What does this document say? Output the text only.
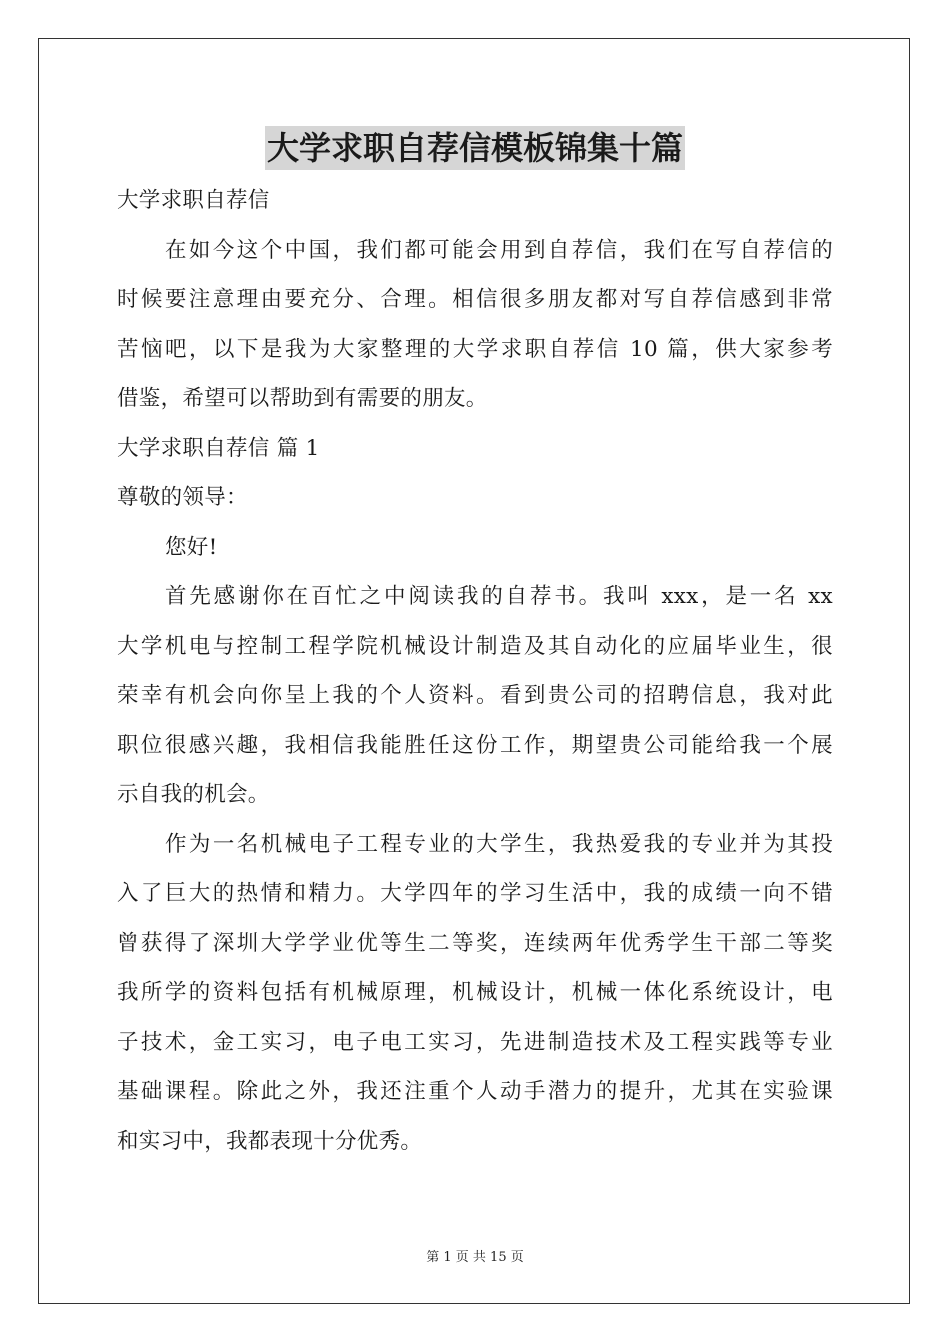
大学求职自荐信模板锦集十篇
大学求职自荐信
在如今这个中国，我们都可能会用到自荐信，我们在写自荐信的
时候要注意理由要充分、合理。相信很多朋友都对写自荐信感到非常
苦恼吧，以下是我为大家整理的大学求职自荐信 10 篇，供大家参考
借鉴，希望可以帮助到有需要的朋友。
大学求职自荐信 篇 1
尊敬的领导：
您好!
首先感谢你在百忙之中阅读我的自荐书。我叫 xxx，是一名 xx
大学机电与控制工程学院机械设计制造及其自动化的应届毕业生，很
荣幸有机会向你呈上我的个人资料。看到贵公司的招聘信息，我对此
职位很感兴趣，我相信我能胜任这份工作，期望贵公司能给我一个展
示自我的机会。
作为一名机械电子工程专业的大学生，我热爱我的专业并为其投
入了巨大的热情和精力。大学四年的学习生活中，我的成绩一向不错
曾获得了深圳大学学业优等生二等奖，连续两年优秀学生干部二等奖
我所学的资料包括有机械原理，机械设计，机械一体化系统设计，电
子技术，金工实习，电子电工实习，先进制造技术及工程实践等专业
基础课程。除此之外，我还注重个人动手潜力的提升，尤其在实验课
和实习中，我都表现十分优秀。
第 1 页 共 15 页
